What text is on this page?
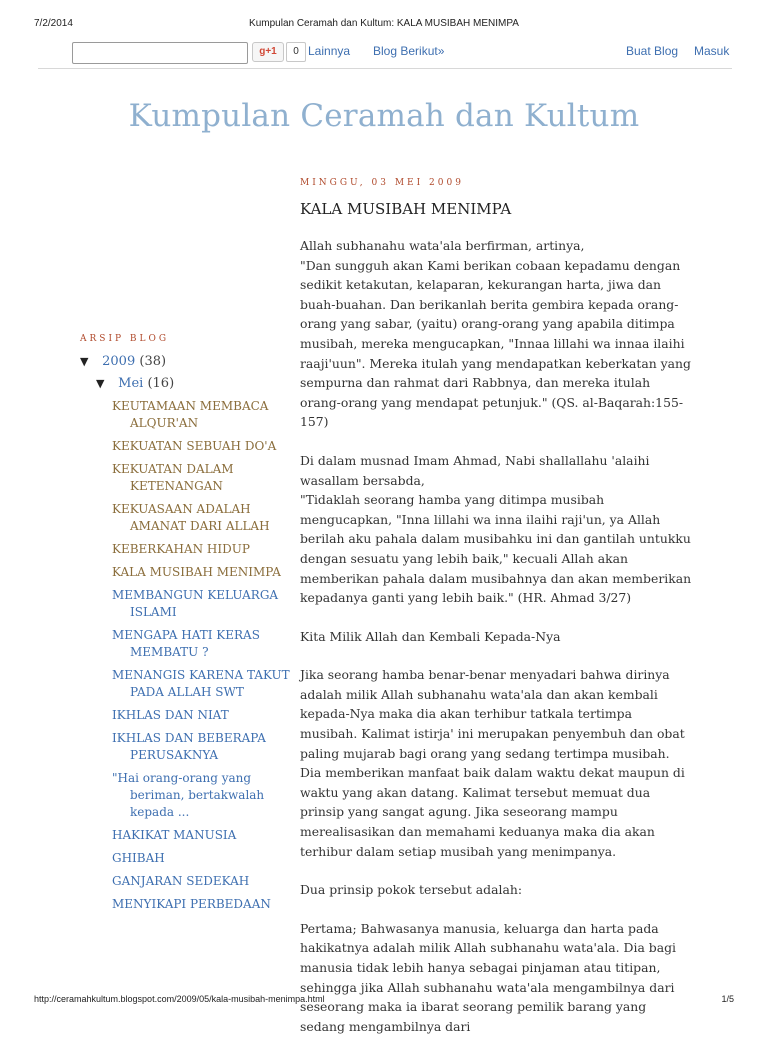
7/2/2014	Kumpulan Ceramah dan Kultum: KALA MUSIBAH MENIMPA
g+1	0 Lainnya Blog Berikut»	Buat Blog Masuk
Kumpulan Ceramah dan Kultum
ARSIP BLOG
▼ 2009 (38)
▼ Mei (16)
KEUTAMAAN MEMBACA ALQUR'AN
KEKUATAN SEBUAH DO'A
KEKUATAN DALAM KETENANGAN
KEKUASAAN ADALAH AMANAT DARI ALLAH
KEBERKAHAN HIDUP
KALA MUSIBAH MENIMPA
MEMBANGUN KELUARGA ISLAMI
MENGAPA HATI KERAS MEMBATU ?
MENANGIS KARENA TAKUT PADA ALLAH SWT
IKHLAS DAN NIAT
IKHLAS DAN BEBERAPA PERUSAKNYA
"Hai orang-orang yang beriman, bertakwalah kepada ...
HAKIKAT MANUSIA
GHIBAH
GANJARAN SEDEKAH
MENYIKAPI PERBEDAAN
MINGGU, 03 MEI 2009
KALA MUSIBAH MENIMPA

Allah subhanahu wata'ala berfirman, artinya,
"Dan sungguh akan Kami berikan cobaan kepadamu dengan sedikit ketakutan, kelaparan, kekurangan harta, jiwa dan buah-buahan. Dan berikanlah berita gembira kepada orang-orang yang sabar, (yaitu) orang-orang yang apabila ditimpa musibah, mereka mengucapkan, "Innaa lillahi wa innaa ilaihi raaji'uun". Mereka itulah yang mendapatkan keberkatan yang sempurna dan rahmat dari Rabbnya, dan mereka itulah orang-orang yang mendapat petunjuk." (QS. al-Baqarah:155-157)

Di dalam musnad Imam Ahmad, Nabi shallallahu 'alaihi wasallam bersabda,
"Tidaklah seorang hamba yang ditimpa musibah mengucapkan, "Inna lillahi wa inna ilaihi raji'un, ya Allah berilah aku pahala dalam musibahku ini dan gantilah untukku dengan sesuatu yang lebih baik," kecuali Allah akan memberikan pahala dalam musibahnya dan akan memberikan kepadanya ganti yang lebih baik." (HR. Ahmad 3/27)

Kita Milik Allah dan Kembali Kepada-Nya

Jika seorang hamba benar-benar menyadari bahwa dirinya adalah milik Allah subhanahu wata'ala dan akan kembali kepada-Nya maka dia akan terhibur tatkala tertimpa musibah. Kalimat istirja' ini merupakan penyembuh dan obat paling mujarab bagi orang yang sedang tertimpa musibah. Dia memberikan manfaat baik dalam waktu dekat maupun di waktu yang akan datang. Kalimat tersebut memuat dua prinsip yang sangat agung. Jika seseorang mampu merealisasikan dan memahami keduanya maka dia akan terhibur dalam setiap musibah yang menimpanya.

Dua prinsip pokok tersebut adalah:

Pertama; Bahwasanya manusia, keluarga dan harta pada hakikatnya adalah milik Allah subhanahu wata'ala. Dia bagi manusia tidak lebih hanya sebagai pinjaman atau titipan, sehingga jika Allah subhanahu wata'ala mengambilnya dari seseorang maka ia ibarat seorang pemilik barang yang sedang mengambilnya dari

http://ceramahkultum.blogspot.com/2009/05/kala-musibah-menimpa.html	1/5
